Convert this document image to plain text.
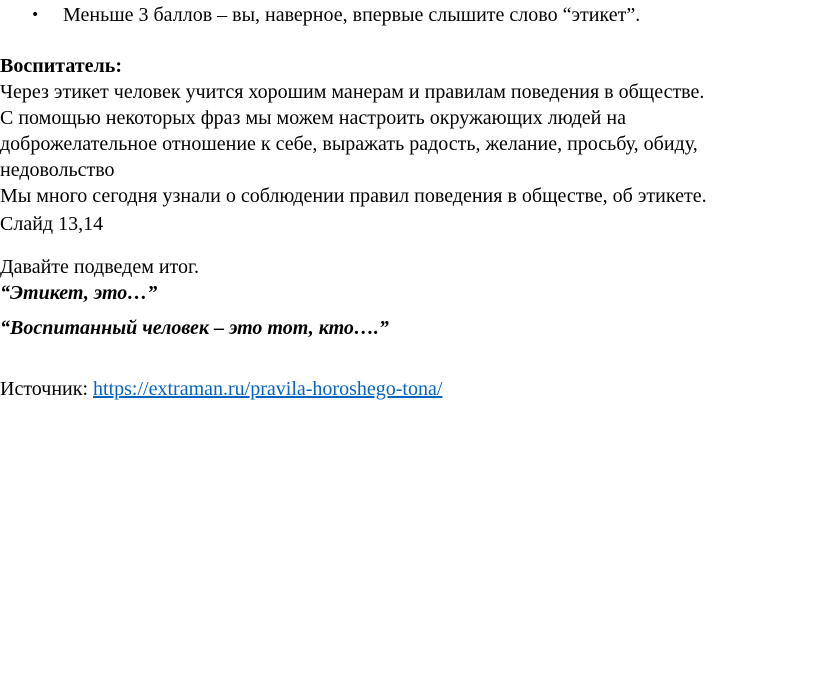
• Меньше 3 баллов – вы, наверное, впервые слышите слово “этикет”.
Воспитатель:
Через этикет человек учится хорошим манерам и правилам поведения в обществе.
С помощью некоторых фраз мы можем настроить окружающих людей на
доброжелательное отношение к себе, выражать радость, желание, просьбу, обиду,
недовольство
Мы много сегодня узнали о соблюдении правил поведения в обществе, об этикете.
Слайд 13,14
Давайте подведем итог.
“Этикет, это…”
“Воспитанный человек – это тот, кто….”
Источник: https://extraman.ru/pravila-horoshego-tona/
